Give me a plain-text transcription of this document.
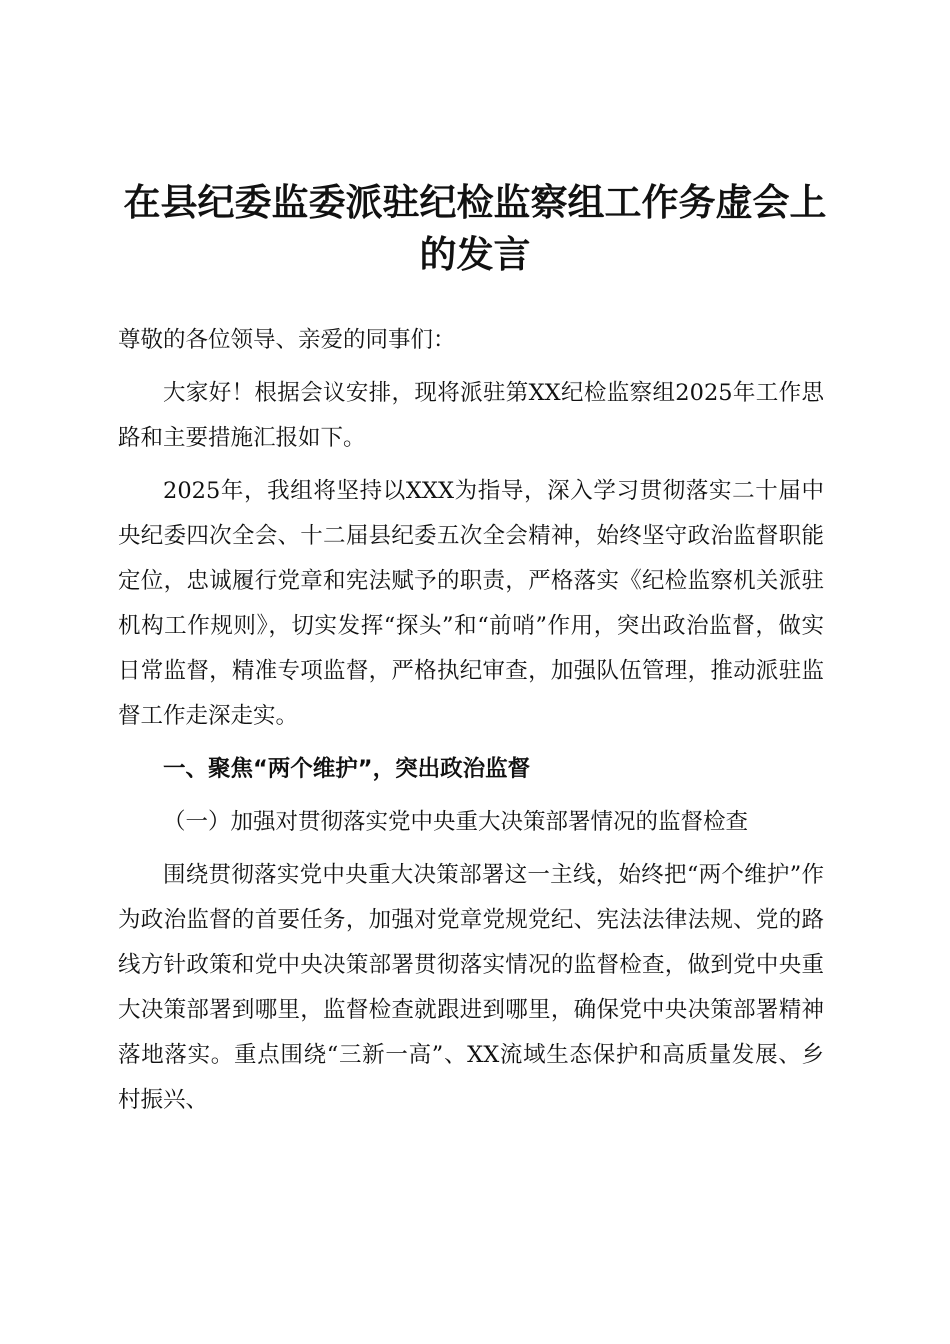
在县纪委监委派驻纪检监察组工作务虚会上的发言

尊敬的各位领导、亲爱的同事们：

大家好！根据会议安排，现将派驻第XX纪检监察组2025年工作思路和主要措施汇报如下。

2025年，我组将坚持以XXX为指导，深入学习贯彻落实二十届中央纪委四次全会、十二届县纪委五次全会精神，始终坚守政治监督职能定位，忠诚履行党章和宪法赋予的职责，严格落实《纪检监察机关派驻机构工作规则》，切实发挥“探头”和“前哨”作用，突出政治监督，做实日常监督，精准专项监督，严格执纪审查，加强队伍管理，推动派驻监督工作走深走实。

一、聚焦“两个维护”，突出政治监督

（一）加强对贯彻落实党中央重大决策部署情况的监督检查

围绕贯彻落实党中央重大决策部署这一主线，始终把“两个维护”作为政治监督的首要任务，加强对党章党规党纪、宪法法律法规、党的路线方针政策和党中央决策部署贯彻落实情况的监督检查，做到党中央重大决策部署到哪里，监督检查就跟进到哪里，确保党中央决策部署精神落地落实。重点围绕“三新一高”、XX流域生态保护和高质量发展、乡村振兴、
